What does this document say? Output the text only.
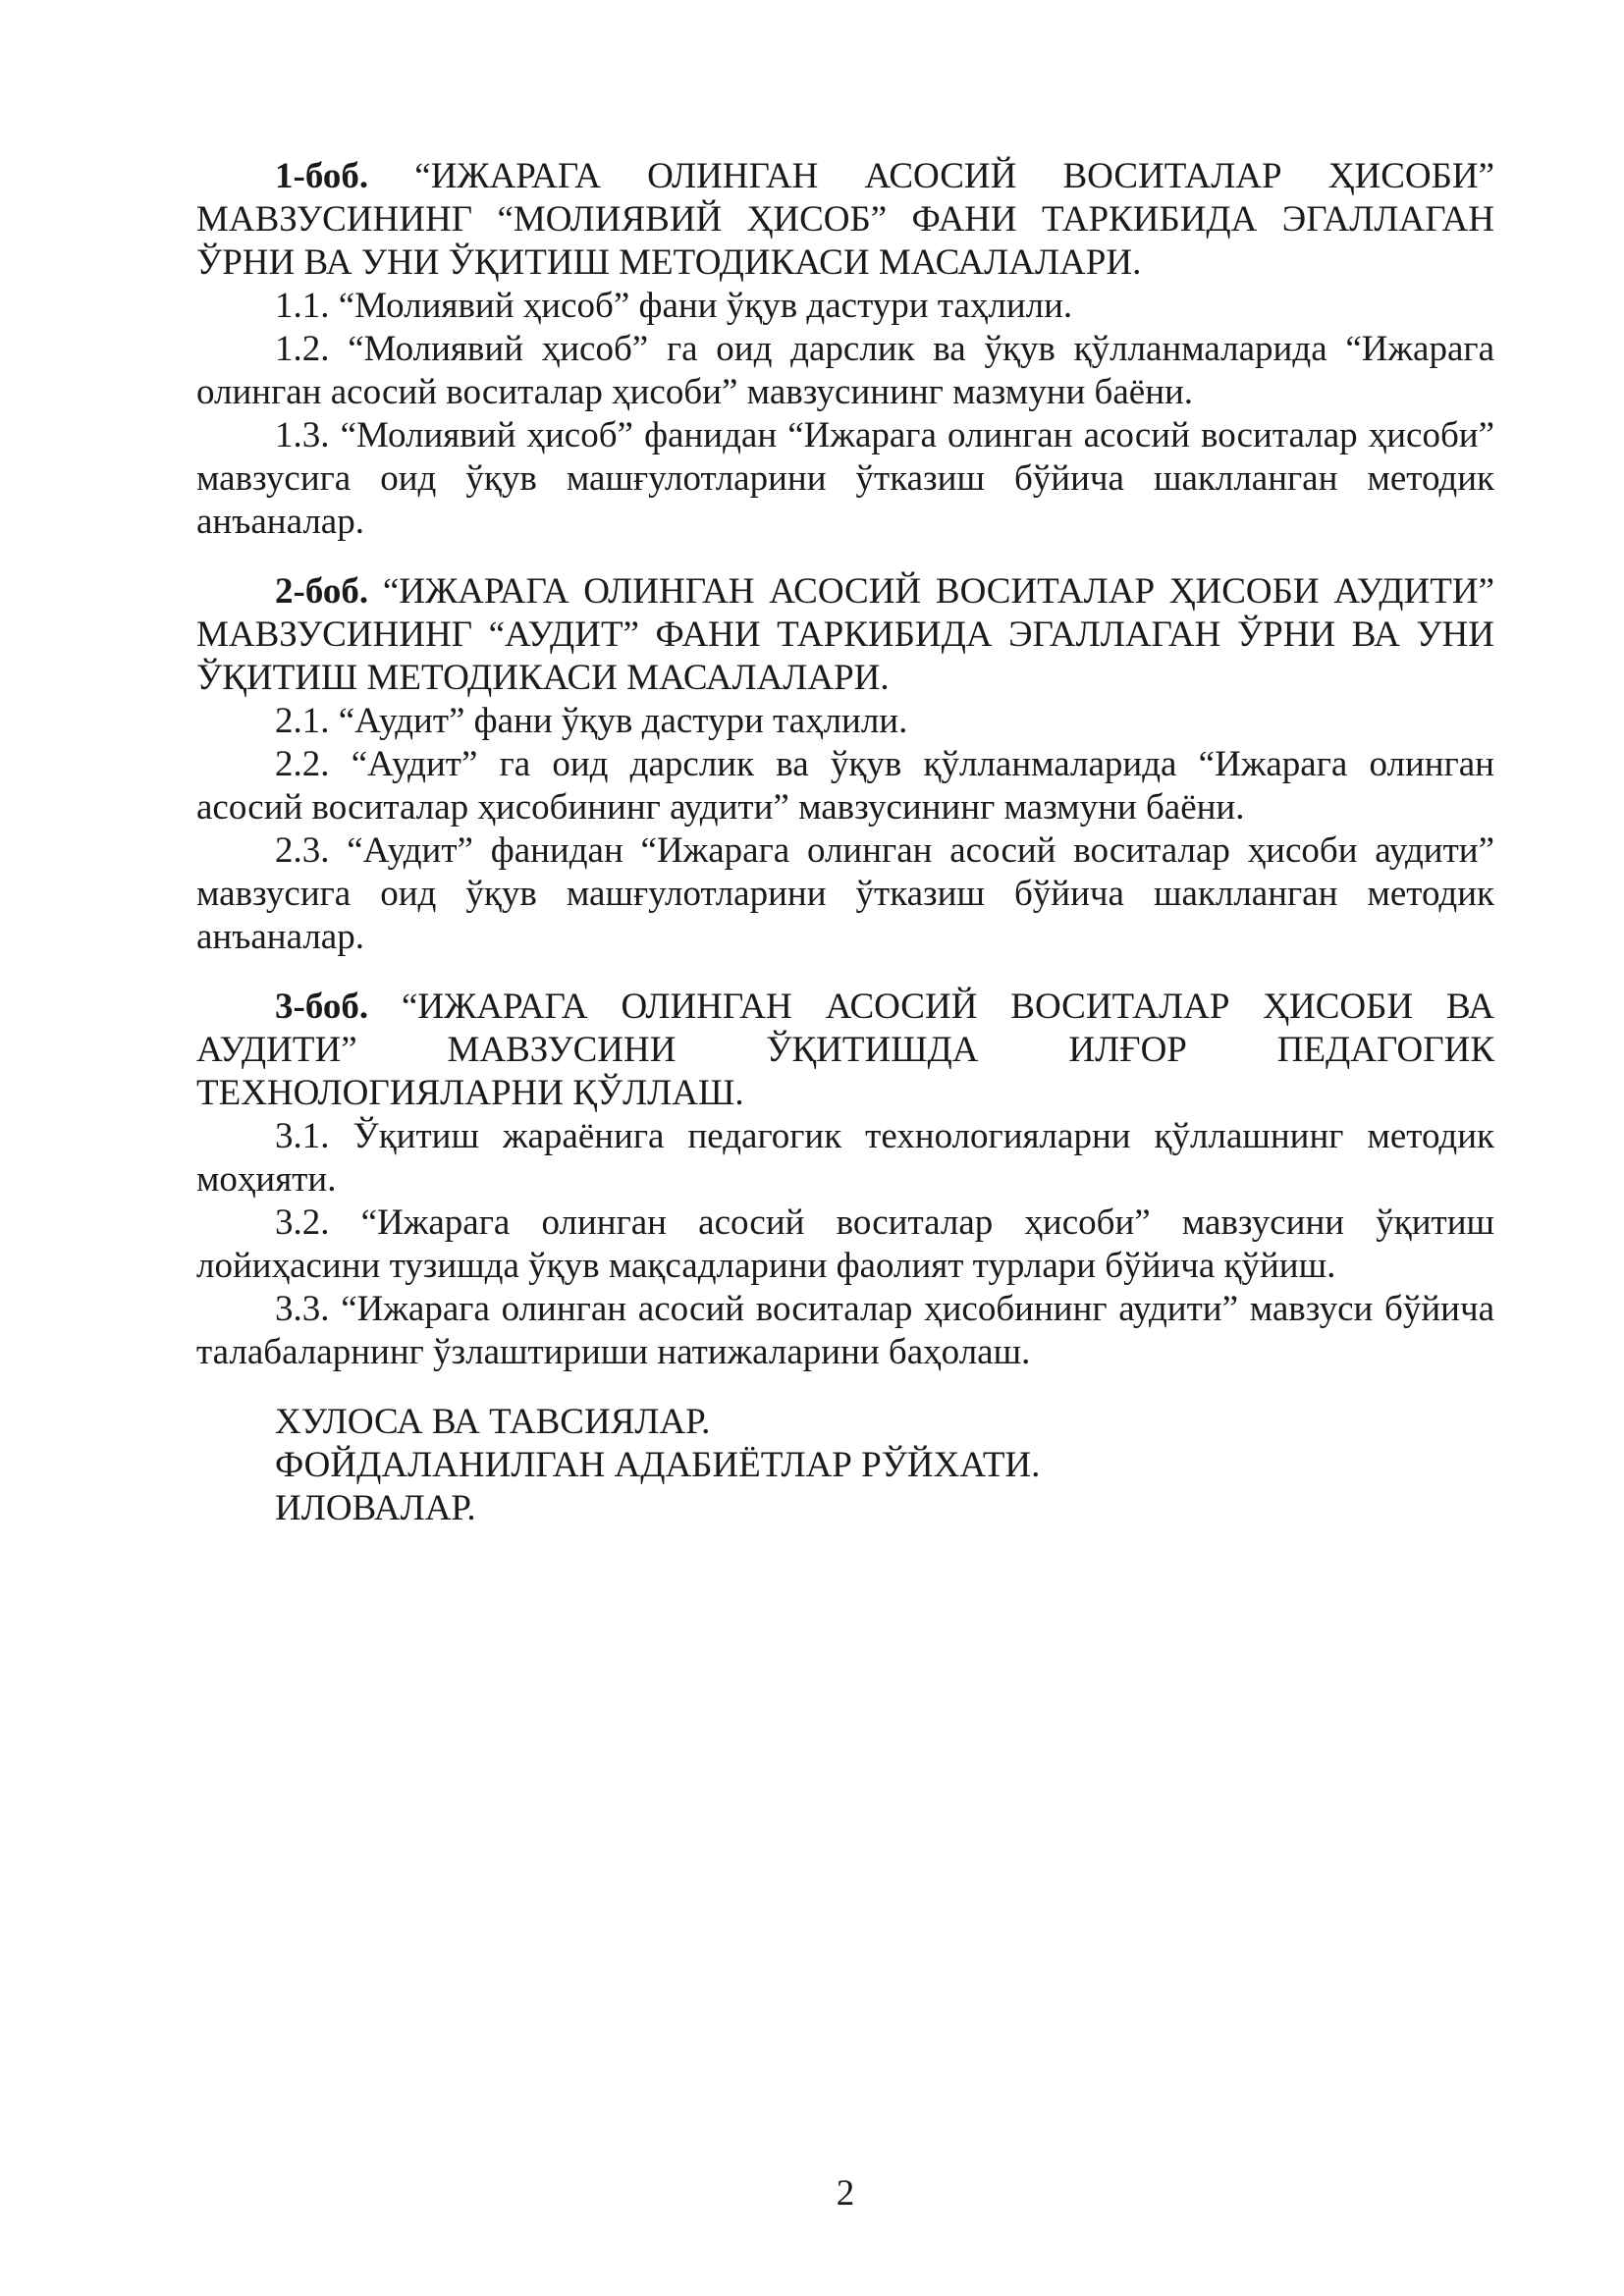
1-боб. “ИЖАРАГА ОЛИНГАН АСОСИЙ ВОСИТАЛАР ҲИСОБИ” МАВЗУСИНИНГ “МОЛИЯВИЙ ҲИСОБ” ФАНИ ТАРКИБИДА ЭГАЛЛАГАН ЎРНИ ВА УНИ ЎҚИТИШ МЕТОДИКАСИ МАСАЛАЛАРИ.

1.1. “Молиявий ҳисоб” фани ўқув дастури таҳлили.

1.2. “Молиявий ҳисоб” га оид дарслик ва ўқув қўлланмаларида “Ижарага олинган асосий воситалар ҳисоби” мавзусининг мазмуни баёни.

1.3. “Молиявий ҳисоб” фанидан “Ижарага олинган асосий воситалар ҳисоби” мавзусига оид ўқув машғулотларини ўтказиш бўйича шаклланган методик анъаналар.

2-боб. “ИЖАРАГА ОЛИНГАН АСОСИЙ ВОСИТАЛАР ҲИСОБИ АУДИТИ” МАВЗУСИНИНГ “АУДИТ” ФАНИ ТАРКИБИДА ЭГАЛЛАГАН ЎРНИ ВА УНИ ЎҚИТИШ МЕТОДИКАСИ МАСАЛАЛАРИ.

2.1. “Аудит” фани ўқув дастури таҳлили.

2.2. “Аудит” га оид дарслик ва ўқув қўлланмаларида “Ижарага олинган асосий воситалар ҳисобининг аудити” мавзусининг мазмуни баёни.

2.3. “Аудит” фанидан “Ижарага олинган асосий воситалар ҳисоби аудити” мавзусига оид ўқув машғулотларини ўтказиш бўйича шаклланган методик анъаналар.

3-боб. “ИЖАРАГА ОЛИНГАН АСОСИЙ ВОСИТАЛАР ҲИСОБИ ВА АУДИТИ” МАВЗУСИНИ ЎҚИТИШДА ИЛҒОР ПЕДАГОГИК ТЕХНОЛОГИЯЛАРНИ ҚЎЛЛАШ.

3.1. Ўқитиш жараёнига педагогик технологияларни қўллашнинг методик моҳияти.

3.2. “Ижарага олинган асосий воситалар ҳисоби” мавзусини ўқитиш лойиҳасини тузишда ўқув мақсадларини фаолият турлари бўйича қўйиш.

3.3. “Ижарага олинган асосий воситалар ҳисобининг аудити” мавзуси бўйича талабаларнинг ўзлаштириши натижаларини баҳолаш.

ХУЛОСА ВА ТАВСИЯЛАР.

ФОЙДАЛАНИЛГАН АДАБИЁТЛАР РЎЙХАТИ.

ИЛОВАЛАР.

2
